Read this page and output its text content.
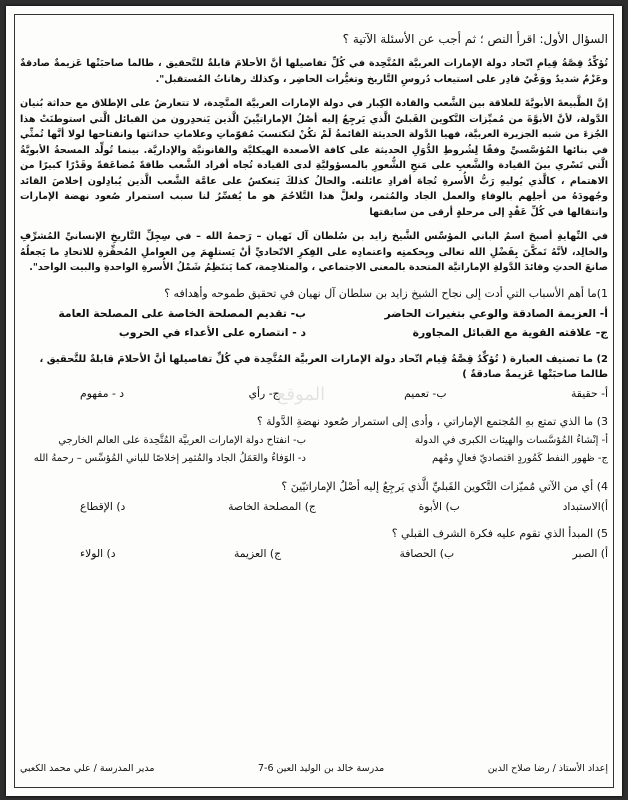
الموقع
السؤال الأول: اقرأ النص ؛ ثم أجب عن الأسئلة الآتية ؟

تُؤكِّدُ قِصَّةُ قِيامِ اتّحاد دولة الإمارات العربيَّة المُتَّحِدة في كُلِّ تفاصيلها أنَّ الأحلامَ قابلةٌ للتَّحقيق ، طالما صاحبَتْها عَزيمةٌ صادقةٌ وعَزْمٌ شديدٌ ووَعْيٌ قادِر على استيعاب دُروسِ التَّاريخ وتغيُّرات الحاضِر ، وكذلك رهاناتُ المُستقبل".

إنَّ الطَّبيعةَ الأبويَّةَ للعلاقة بين الشَّعب والقادة الكِبار في دولة الإمارات العربيَّة المتَّحِدة، لا تتعارضُ على الإطلاق مع حداثة بُنيان الدَّولة، لأنَّ الأبوَّةَ من مُميِّزات التَّكوين القَبليّ الَّذي يَرجِعُ إليه أصْلُ الإماراتيِّينَ الَّذين يَنحدِرون من القبائل الَّتي استوطنَتْ هذا الجُزءَ من شبه الجزيرة العربيَّة، فهيا الدَّولة الحديثة القائمةُ لَمْ تكُنْ لتكتسبَ مُقوّماتِ وعلاماتِ حداثتها وانفتاحها لولا أنَّها تُمثِّي في بنائها المُؤسَّسيِّ وفقًا لِشُروطِ الدُّوَلِ الحديثة على كافة الأصعدة الهيكليَّة والقانونيَّة والإداريَّة. بينما تُولِّد المسحةُ الأبويَّةُ الَّتي تَسْري بينَ القيادة والشَّعبِ على مَنحِ الشُّعورِ بالمسؤوليَّةِ لدى القيادة تُجاه أفراد الشَّعب طاقةً مُضاعَفةً وقَدْرًا كبيرًا من الاهتمام ، كالَّذي يُوليهِ رَبُّ الأُسرةِ تُجاهَ أفرادِ عائلته. والحالُ كذلكَ يَنعكسُ على عامَّة الشَّعب الَّذين يُبادِلون إخلاصَ القائد وجُهودَهُ من أجلِهم بالوفاءِ والعمل الجاد والمُثمر، ولعلَّ هذا التَّلاحُمَ هو ما يُفسِّرُ لنا سبب استمرار صُعود نهضة الإمارات وانتقالها في كُلِّ عَقْدٍ إلى مرحلةٍ أرقى من سابقتها

في النِّهايةِ أصبحَ اسمُ الباني المؤسِّس الشَّيخ زايد بن سُلطان آل نَهيان – رَحمهُ الله – في سِجِلِّ التَّاريخِ الإنسانيِّ المُشرِّفِ والخالِد، لأنَّهُ تَمكَّنَ بِفَضْلِ الله تعالى وبِحكمتِه واعتمادِه على الفِكرِ الاتّحاديِّ أنْ يَستلهِمَ مِن العواملِ المُحفِّزةِ للاتحادِ ما يَجعلُهُ صانعَ الحدثِ وقائدَ الدَّولةِ الإماراتيَّة المتحدة بالمعنى الاجتماعي ، والمتلاحِمة، كما يَنتَظِمُ شَمْلُ الأُسرةِ الواحدةِ والبيت الواحد".

1)ما أهم الأسباب التي أدت إلى نجاح الشيخ زايد بن سلطان آل نهيان في تحقيق طموحه وأهدافه ؟
أ- العزيمة الصادقة والوعي بتغيرات الحاضر
ب- تقديم المصلحة الخاصة على المصلحة العامة
ج- علاقته القوية مع القبائل المجاورة
د - انتصاره على الأعداء في الحروب
2) ما تصنيف العبارة ( تُؤكِّدُ قِصَّةُ قِيام اتّحاد دولة الإمارات العربيَّة المُتَّحِدة في كُلِّ تفاصيلها أنَّ الأحلامَ قابلةٌ للتَّحقيق ، طالما صاحبَتْها عَزيمةٌ صادقةٌ )
أ- حقيقة
ب- تعميم
ج- رأي
د - مفهوم
3) ما الذي تمتع بهِ المُجتمع الإماراتي ، وأدى إلى استمرار صُعود نهضةِ الدَّولة ؟
أ- إنْشاءُ المُؤسَّسات والهيئات الكبرى في الدولة
ب- انفتاح دولة الإمارات العربيَّة المُتَّحِدة على العالم الخارجي
ج- ظهور النفط كَمُوردٍ اقتصاديّ فعالٍ ومُهم
د- الوَفاءُ والعَمَلُ الجاد والمُثمِر إخلاصًا للباني المُؤسِّس – رحمهُ الله
4) أي من الآتي مُميّزات التَّكوين القَبليِّ الَّذي يَرجِعُ إليه أصْلُ الإماراتيّينَ ؟
أ)الاستبداد
ب) الأبوة
ج) المصلحة الخاصة
د) الإقطاع
5) المبدأ الذي تقوم عليه فكرة الشرف القبلي ؟
أ) الصبر
ب) الحصافة
ج) العزيمة
د) الولاء
إعداد الأستاذ / رضا صلاح الدين
مدرسة خالد بن الوليد العين 6-7
مدير المدرسة / علي محمد الكعبي
